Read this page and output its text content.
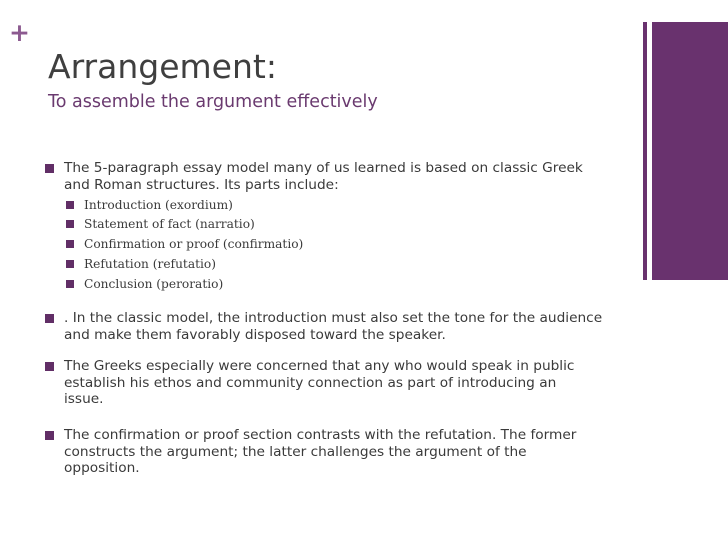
+
Arrangement:
To assemble the argument effectively
The 5-paragraph essay model many of us learned is based on classic Greek
and Roman structures. Its parts include:
Introduction (exordium)
Statement of fact (narratio)
Confirmation or proof (confirmatio)
Refutation (refutatio)
Conclusion (peroratio)
. In the classic model, the introduction must also set the tone for the audience
and make them favorably disposed toward the speaker.
The Greeks especially were concerned that any who would speak in public
establish his ethos and community connection as part of introducing an
issue.
The confirmation or proof section contrasts with the refutation. The former
constructs the argument; the latter challenges the argument of the
opposition.
